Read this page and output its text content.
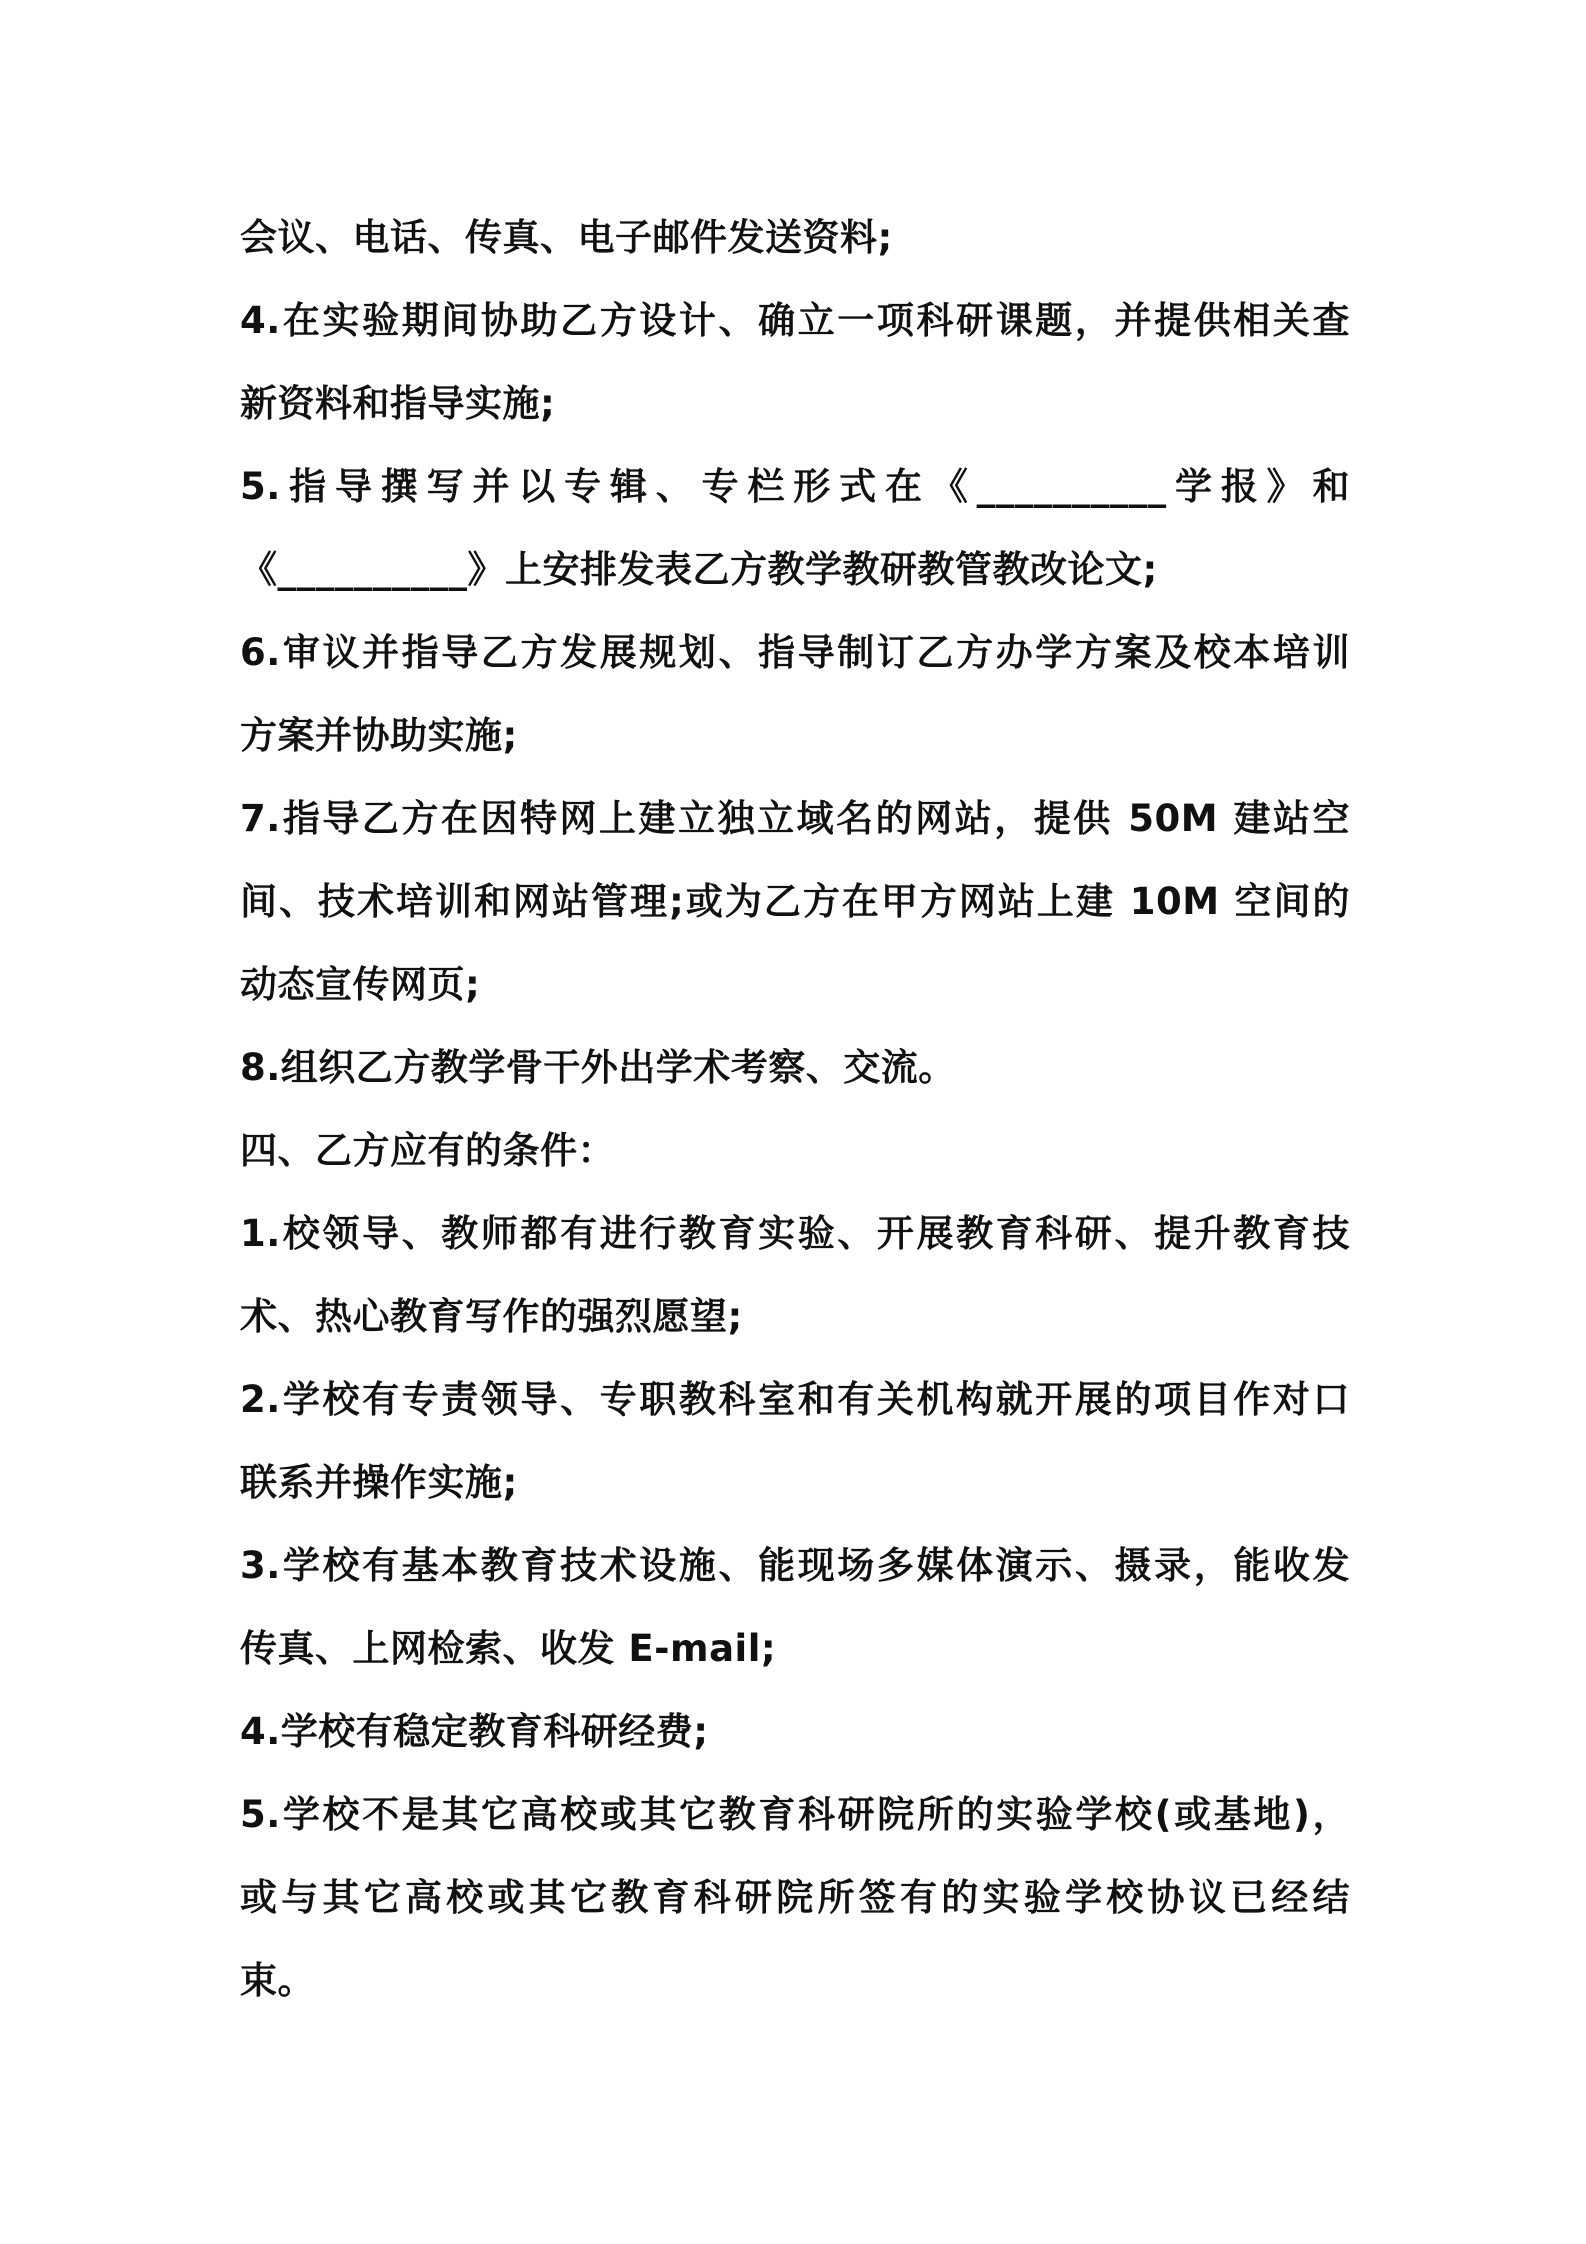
会议、电话、传真、电子邮件发送资料;
4.在实验期间协助乙方设计、确立一项科研课题，并提供相关查
新资料和指导实施;
5.指导撰写并以专辑、专栏形式在《__________学报》和
《__________》上安排发表乙方教学教研教管教改论文;
6.审议并指导乙方发展规划、指导制订乙方办学方案及校本培训
方案并协助实施;
7.指导乙方在因特网上建立独立域名的网站，提供 50M 建站空
间、技术培训和网站管理;或为乙方在甲方网站上建 10M 空间的
动态宣传网页;
8.组织乙方教学骨干外出学术考察、交流。
四、乙方应有的条件：
1.校领导、教师都有进行教育实验、开展教育科研、提升教育技
术、热心教育写作的强烈愿望;
2.学校有专责领导、专职教科室和有关机构就开展的项目作对口
联系并操作实施;
3.学校有基本教育技术设施、能现场多媒体演示、摄录，能收发
传真、上网检索、收发 E-mail;
4.学校有稳定教育科研经费;
5.学校不是其它高校或其它教育科研院所的实验学校(或基地)，
或与其它高校或其它教育科研院所签有的实验学校协议已经结
束。
